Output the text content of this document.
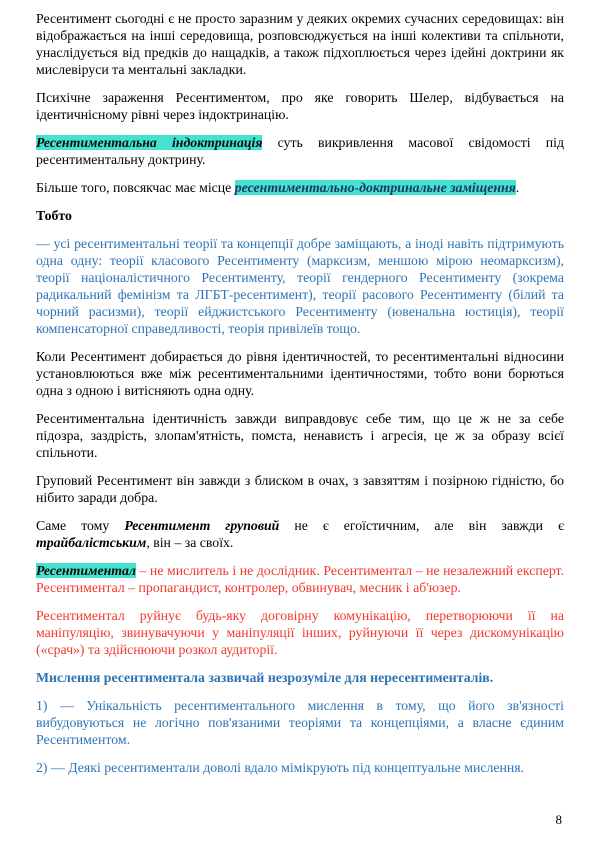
Ресентимент сьогодні є не просто заразним у деяких окремих сучасних середовищах: він відображається на інші середовища, розповсюджується на інші колективи та спільноти, унаслідується від предків до нащадків, а також підхоплюється через ідейні доктрини як мислевіруси та ментальні закладки.

Психічне зараження Ресентиментом, про яке говорить Шелер, відбувається на ідентичнісному рівні через індоктринацію.

Ресентиментальна індоктринація суть викривлення масової свідомості під ресентиментальну доктрину.

Більше того, повсякчас має місце ресентиментально-доктринальне заміщення.

Тобто

— усі ресентиментальні теорії та концепції добре заміщають, а іноді навіть підтримують одна одну: теорії класового Ресентименту (марксизм, меншою мірою неомарксизм), теорії націоналістичного Ресентименту, теорії гендерного Ресентименту (зокрема радикальний фемінізм та ЛГБТ-ресентимент), теорії расового Ресентименту (білий та чорний расизми), теорії ейджистського Ресентименту (ювенальна юстиція), теорії компенсаторної справедливості, теорія привілеїв тощо.

Коли Ресентимент добирається до рівня ідентичностей, то ресентиментальні відносини установлюються вже між ресентиментальними ідентичностями, тобто вони борються одна з одною і витісняють одна одну.

Ресентиментальна ідентичність завжди виправдовує себе тим, що це ж не за себе підозра, заздрість, злопам'ятність, помста, ненависть і агресія, це ж за образу всієї спільноти.

Груповий Ресентимент він завжди з блиском в очах, з завзяттям і позірною гідністю, бо нібито заради добра.

Саме тому Ресентимент груповий не є егоїстичним, але він завжди є трайбалістським, він – за своїх.

Ресентиментал – не мислитель і не дослідник. Ресентиментал – не незалежний експерт. Ресентиментал – пропагандист, контролер, обвинувач, месник і аб'юзер.

Ресентиментал руйнує будь-яку договірну комунікацію, перетворюючи її на маніпуляцію, звинувачуючи у маніпуляції інших, руйнуючи її через дискомунікацію («срач») та здійснюючи розкол аудиторії.

Мислення ресентиментала зазвичай незрозуміле для нересентименталів.

1) — Унікальність ресентиментального мислення в тому, що його зв'язності вибудовуються не логічно пов'язаними теоріями та концепціями, а власне єдиним Ресентиментом.

2) — Деякі ресентиментали доволі вдало мімікрують під концептуальне мислення.

8
